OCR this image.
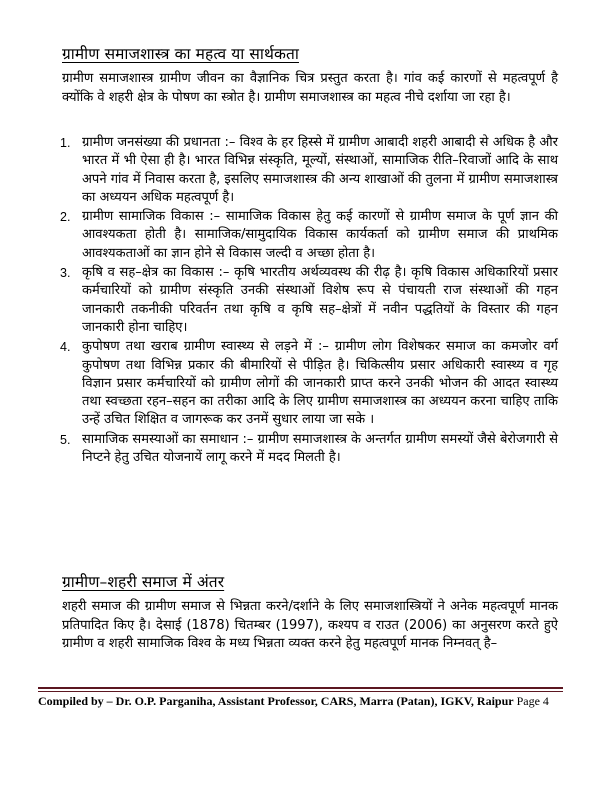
ग्रामीण समाजशास्त्र का महत्व या सार्थकता

ग्रामीण समाजशास्त्र ग्रामीण जीवन का वैज्ञानिक चित्र प्रस्तुत करता है। गांव कई कारणों से महत्वपूर्ण है क्योंकि वे शहरी क्षेत्र के पोषण का स्त्रोत है। ग्रामीण समाजशास्त्र का महत्व नीचे दर्शाया जा रहा है।

1. ग्रामीण जनसंख्या की प्रधानता :– विश्व के हर हिस्से में ग्रामीण आबादी शहरी आबादी से अधिक है और भारत में भी ऐसा ही है। भारत विभिन्न संस्कृति, मूल्यों, संस्थाओं, सामाजिक रीति–रिवाजों आदि के साथ अपने गांव में निवास करता है, इसलिए समाजशास्त्र की अन्य शाखाओं की तुलना में ग्रामीण समाजशास्त्र का अध्ययन अधिक महत्वपूर्ण है।
2. ग्रामीण सामाजिक विकास :– सामाजिक विकास हेतु कई कारणों से ग्रामीण समाज के पूर्ण ज्ञान की आवश्यकता होती है। सामाजिक/सामुदायिक विकास कार्यकर्ता को ग्रामीण समाज की प्राथमिक आवश्यकताओं का ज्ञान होने से विकास जल्दी व अच्छा होता है।
3. कृषि व सह–क्षेत्र का विकास :– कृषि भारतीय अर्थव्यवस्थ की रीढ़ है। कृषि विकास अधिकारियों प्रसार कर्मचारियों को ग्रामीण संस्कृति उनकी संस्थाओं विशेष रूप से पंचायती राज संस्थाओं की गहन जानकारी तकनीकी परिवर्तन तथा कृषि व कृषि सह–क्षेत्रों में नवीन पद्धतियों के विस्तार की गहन जानकारी होना चाहिए।
4. कुपोषण तथा खराब ग्रामीण स्वास्थ्य से लड़ने में :– ग्रामीण लोग विशेषकर समाज का कमजोर वर्ग कुपोषण तथा विभिन्न प्रकार की बीमारियों से पीड़ित है। चिकित्सीय प्रसार अधिकारी स्वास्थ्य व गृह विज्ञान प्रसार कर्मचारियों को ग्रामीण लोगों की जानकारी प्राप्त करने उनकी भोजन की आदत स्वास्थ्य तथा स्वच्छता रहन–सहन का तरीका आदि के लिए ग्रामीण समाजशास्त्र का अध्ययन करना चाहिए ताकि उन्हें उचित शिक्षित व जागरूक कर उनमें सुधार लाया जा सके ।
5. सामाजिक समस्याओं का समाधान :– ग्रामीण समाजशास्त्र के अन्तर्गत ग्रामीण समस्यों जैसे बेरोजगारी से निप्टने हेतु उचित योजनायें लागू करने में मदद मिलती है।
ग्रामीण–शहरी समाज में अंतर

शहरी समाज की ग्रामीण समाज से भिन्नता करने/दर्शाने के लिए समाजशास्त्रियों ने अनेक महत्वपूर्ण मानक प्रतिपादित किए है। देसाई (1878) चितम्बर (1997), कश्यप व राउत (2006) का अनुसरण करते हुऐ ग्रामीण व शहरी सामाजिक विश्व के मध्य भिन्नता व्यक्त करने हेतु महत्वपूर्ण मानक निम्नवत् है–

Compiled by – Dr. O.P. Parganiha, Assistant Professor, CARS, Marra (Patan), IGKV, Raipur Page 4
